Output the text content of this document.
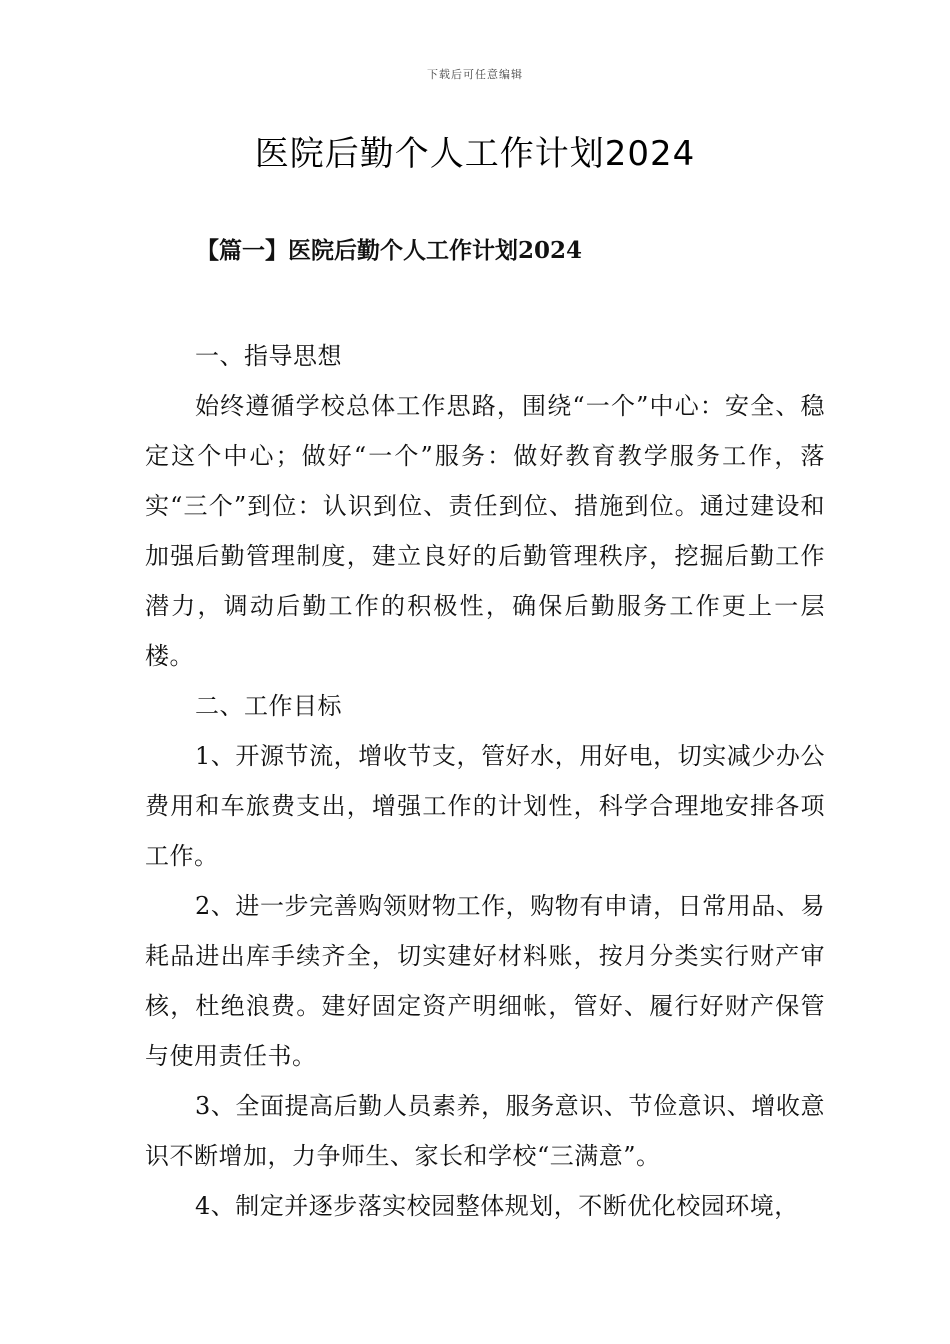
下载后可任意编辑
医院后勤个人工作计划2024
【篇一】医院后勤个人工作计划2024

一、指导思想

始终遵循学校总体工作思路，围绕“一个”中心：安全、稳定这个中心；做好“一个”服务：做好教育教学服务工作，落实“三个”到位：认识到位、责任到位、措施到位。通过建设和加强后勤管理制度，建立良好的后勤管理秩序，挖掘后勤工作潜力，调动后勤工作的积极性，确保后勤服务工作更上一层楼。

二、工作目标

1、开源节流，增收节支，管好水，用好电，切实减少办公费用和车旅费支出，增强工作的计划性，科学合理地安排各项工作。

2、进一步完善购领财物工作，购物有申请，日常用品、易耗品进出库手续齐全，切实建好材料账，按月分类实行财产审核，杜绝浪费。建好固定资产明细帐，管好、履行好财产保管与使用责任书。

3、全面提高后勤人员素养，服务意识、节俭意识、增收意识不断增加，力争师生、家长和学校“三满意”。

4、制定并逐步落实校园整体规划，不断优化校园环境，
